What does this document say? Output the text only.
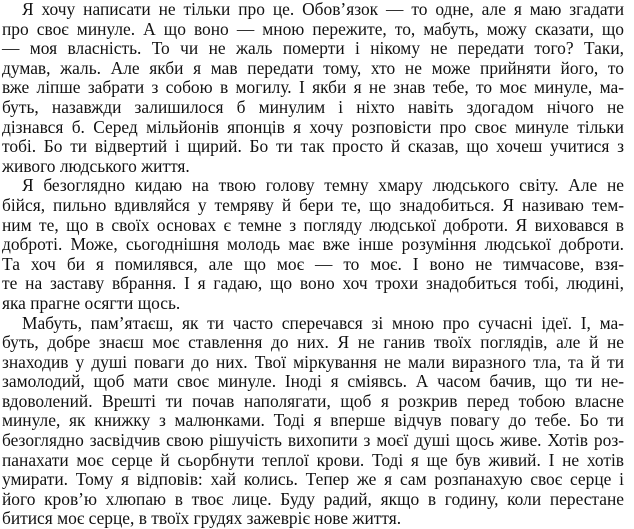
Я хочу написати не тільки про це. Обов’язок — то одне, але я маю згадати
про своє минуле. А що воно — мною пережите, то, мабуть, можу сказати, що
— моя власність. То чи не жаль померти і нікому не передати того? Таки,
думав, жаль. Але якби я мав передати тому, хто не може прийняти його, то
вже ліпше забрати з собою в могилу. І якби я не знав тебе, то моє минуле, ма-
буть, назавжди залишилося б минулим і ніхто навіть здогадом нічого не
дізнався б. Серед мільйонів японців я хочу розповісти про своє минуле тільки
тобі. Бо ти відвертий і щирий. Бо ти так просто й сказав, що хочеш учитися з
живого людського життя.
Я безоглядно кидаю на твою голову темну хмару людського світу. Але не
бійся, пильно вдивляйся у темряву й бери те, що знадобиться. Я називаю тем-
ним те, що в своїх основах є темне з погляду людської доброти. Я виховався в
доброті. Може, сьогоднішня молодь має вже інше розуміння людської доброти.
Та хоч би я помилявся, але що моє — то моє. І воно не тимчасове, взя-
те на заставу вбрання. І я гадаю, що воно хоч трохи знадобиться тобі, людині,
яка прагне осягти щось.
Мабуть, пам’ятаєш, як ти часто сперечався зі мною про сучасні ідеї. І, ма-
буть, добре знаєш моє ставлення до них. Я не ганив твоїх поглядів, але й не
знаходив у душі поваги до них. Твої міркування не мали виразного тла, та й ти
замолодий, щоб мати своє минуле. Іноді я сміявсь. А часом бачив, що ти не-
вдоволений. Врешті ти почав наполягати, щоб я розкрив перед тобою власне
минуле, як книжку з малюнками. Тоді я вперше відчув повагу до тебе. Бо ти
безоглядно засвідчив свою рішучість вихопити з моєї душі щось живе. Хотів роз-
панахати моє серце й сьорбнути теплої крови. Тоді я ще був живий. І не хотів
умирати. Тому я відповів: хай колись. Тепер же я сам розпанахую своє серце і
його кров’ю хлюпаю в твоє лице. Буду радий, якщо в годину, коли перестане
битися моє серце, в твоїх грудях зажевріє нове життя.
